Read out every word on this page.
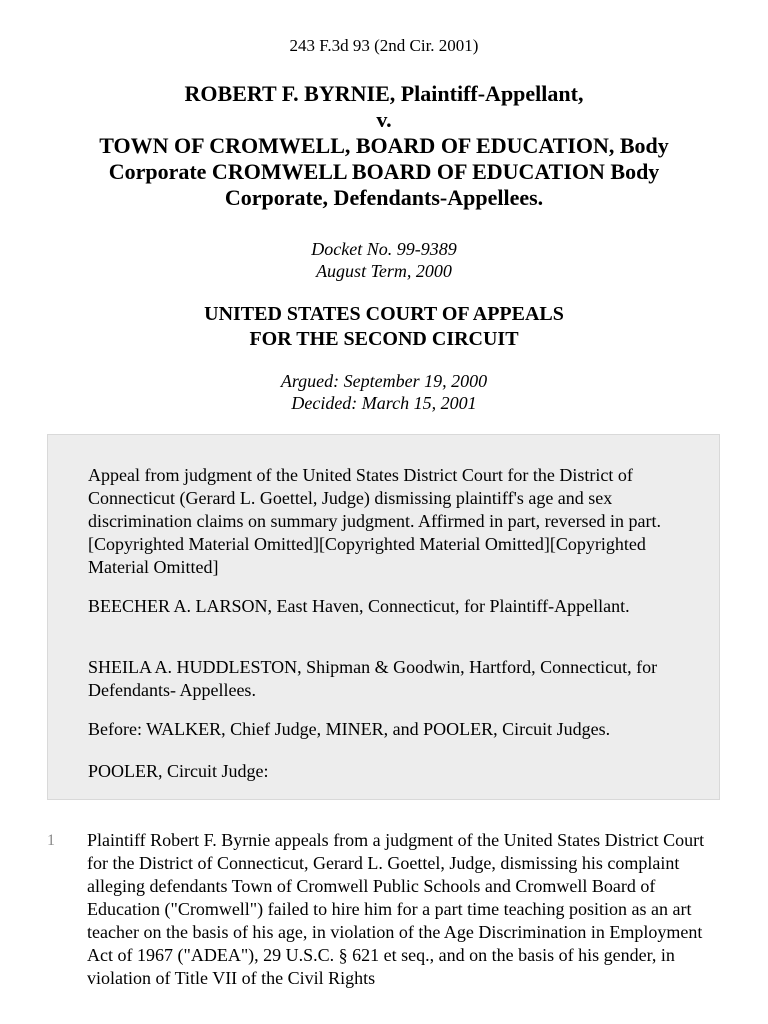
243 F.3d 93 (2nd Cir. 2001)
ROBERT F. BYRNIE, Plaintiff-Appellant,
v.
TOWN OF CROMWELL, BOARD OF EDUCATION, Body
Corporate CROMWELL BOARD OF EDUCATION Body
Corporate, Defendants-Appellees.
Docket No. 99-9389
August Term, 2000
UNITED STATES COURT OF APPEALS
FOR THE SECOND CIRCUIT
Argued: September 19, 2000
Decided: March 15, 2001

Appeal from judgment of the United States District Court for the District of Connecticut (Gerard L. Goettel, Judge) dismissing plaintiff's age and sex discrimination claims on summary judgment. Affirmed in part, reversed in part.[Copyrighted Material Omitted][Copyrighted Material Omitted][Copyrighted Material Omitted]

BEECHER A. LARSON, East Haven, Connecticut, for Plaintiff-Appellant.

SHEILA A. HUDDLESTON, Shipman & Goodwin, Hartford, Connecticut, for Defendants- Appellees.

Before: WALKER, Chief Judge, MINER, and POOLER, Circuit Judges.

POOLER, Circuit Judge:

1 Plaintiff Robert F. Byrnie appeals from a judgment of the United States District Court for the District of Connecticut, Gerard L. Goettel, Judge, dismissing his complaint alleging defendants Town of Cromwell Public Schools and Cromwell Board of Education ("Cromwell") failed to hire him for a part time teaching position as an art teacher on the basis of his age, in violation of the Age Discrimination in Employment Act of 1967 ("ADEA"), 29 U.S.C. § 621 et seq., and on the basis of his gender, in violation of Title VII of the Civil Rights
